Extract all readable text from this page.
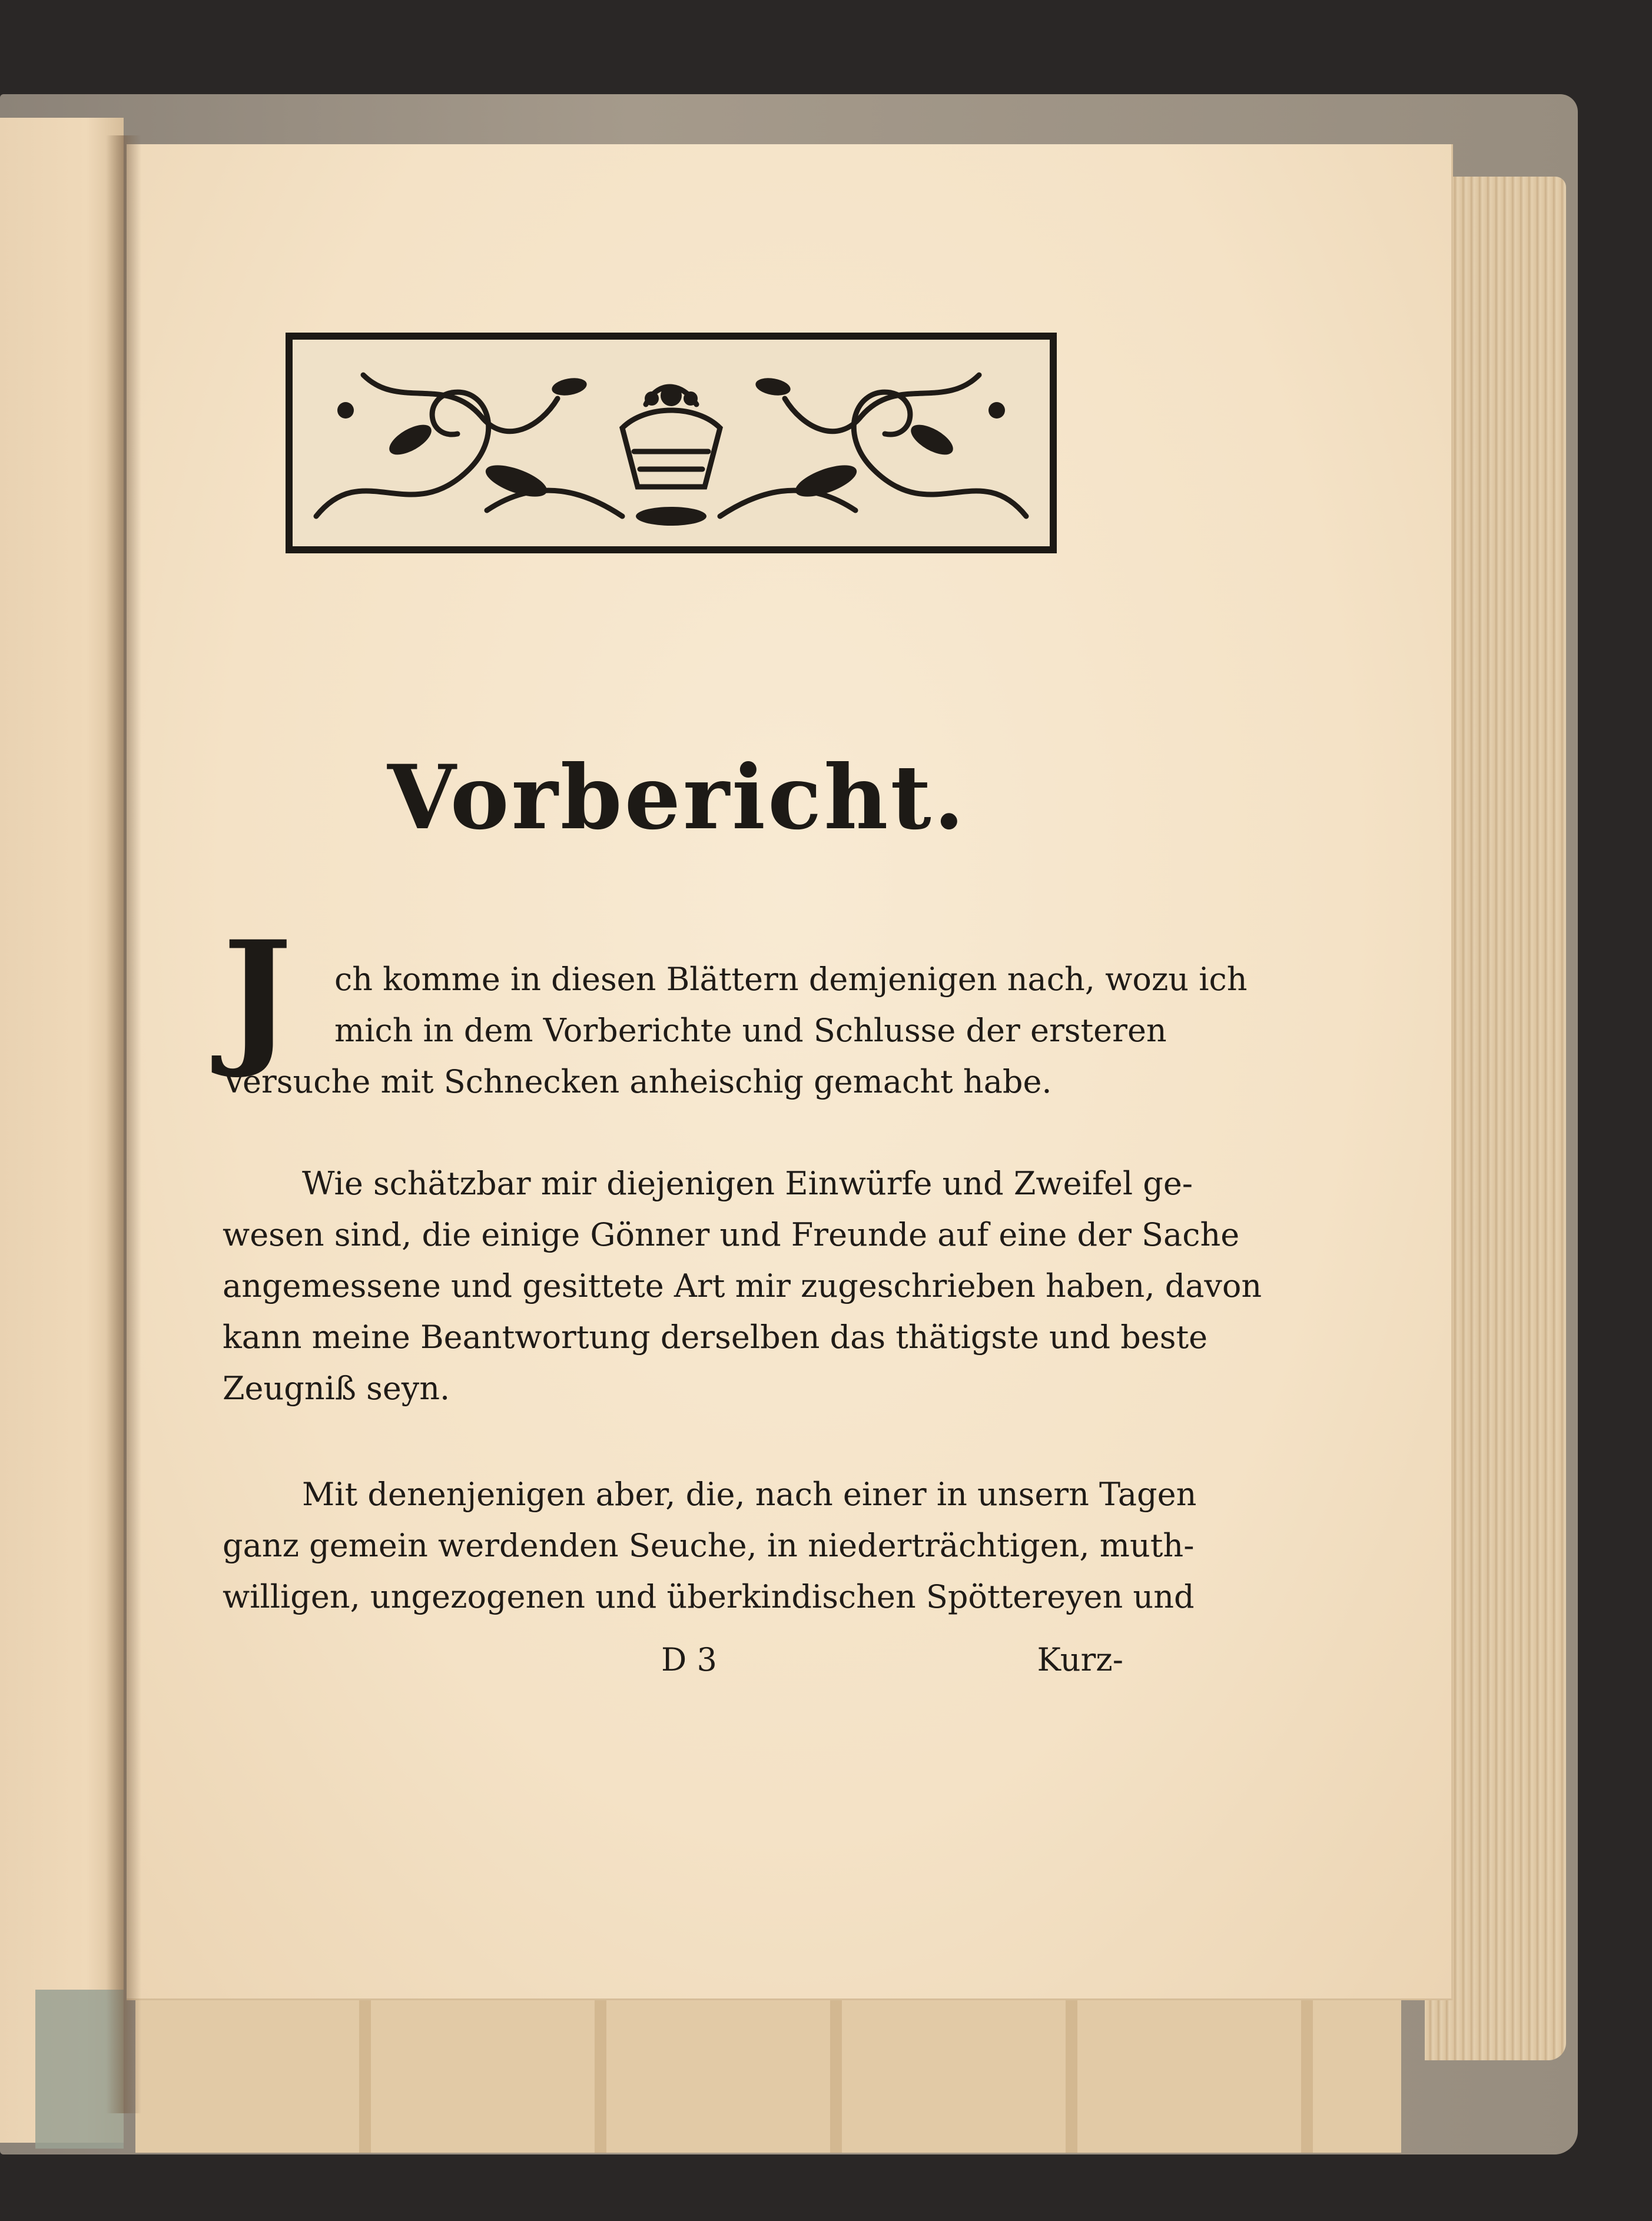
Vorbericht.
J	ch komme in diesen Blättern demjenigen nach, wozu ich
mich in dem Vorberichte und Schlusse der ersteren
Versuche mit Schnecken anheischig gemacht habe.
Wie schätzbar mir diejenigen Einwürfe und Zweifel ge-
wesen sind, die einige Gönner und Freunde auf eine der Sache
angemessene und gesittete Art mir zugeschrieben haben, davon
kann meine Beantwortung derselben das thätigste und beste
Zeugniß seyn.
Mit denenjenigen aber, die, nach einer in unsern Tagen
ganz gemein werdenden Seuche, in niederträchtigen, muth-
willigen, ungezogenen und überkindischen Spöttereyen und
D 3	Kurz-
